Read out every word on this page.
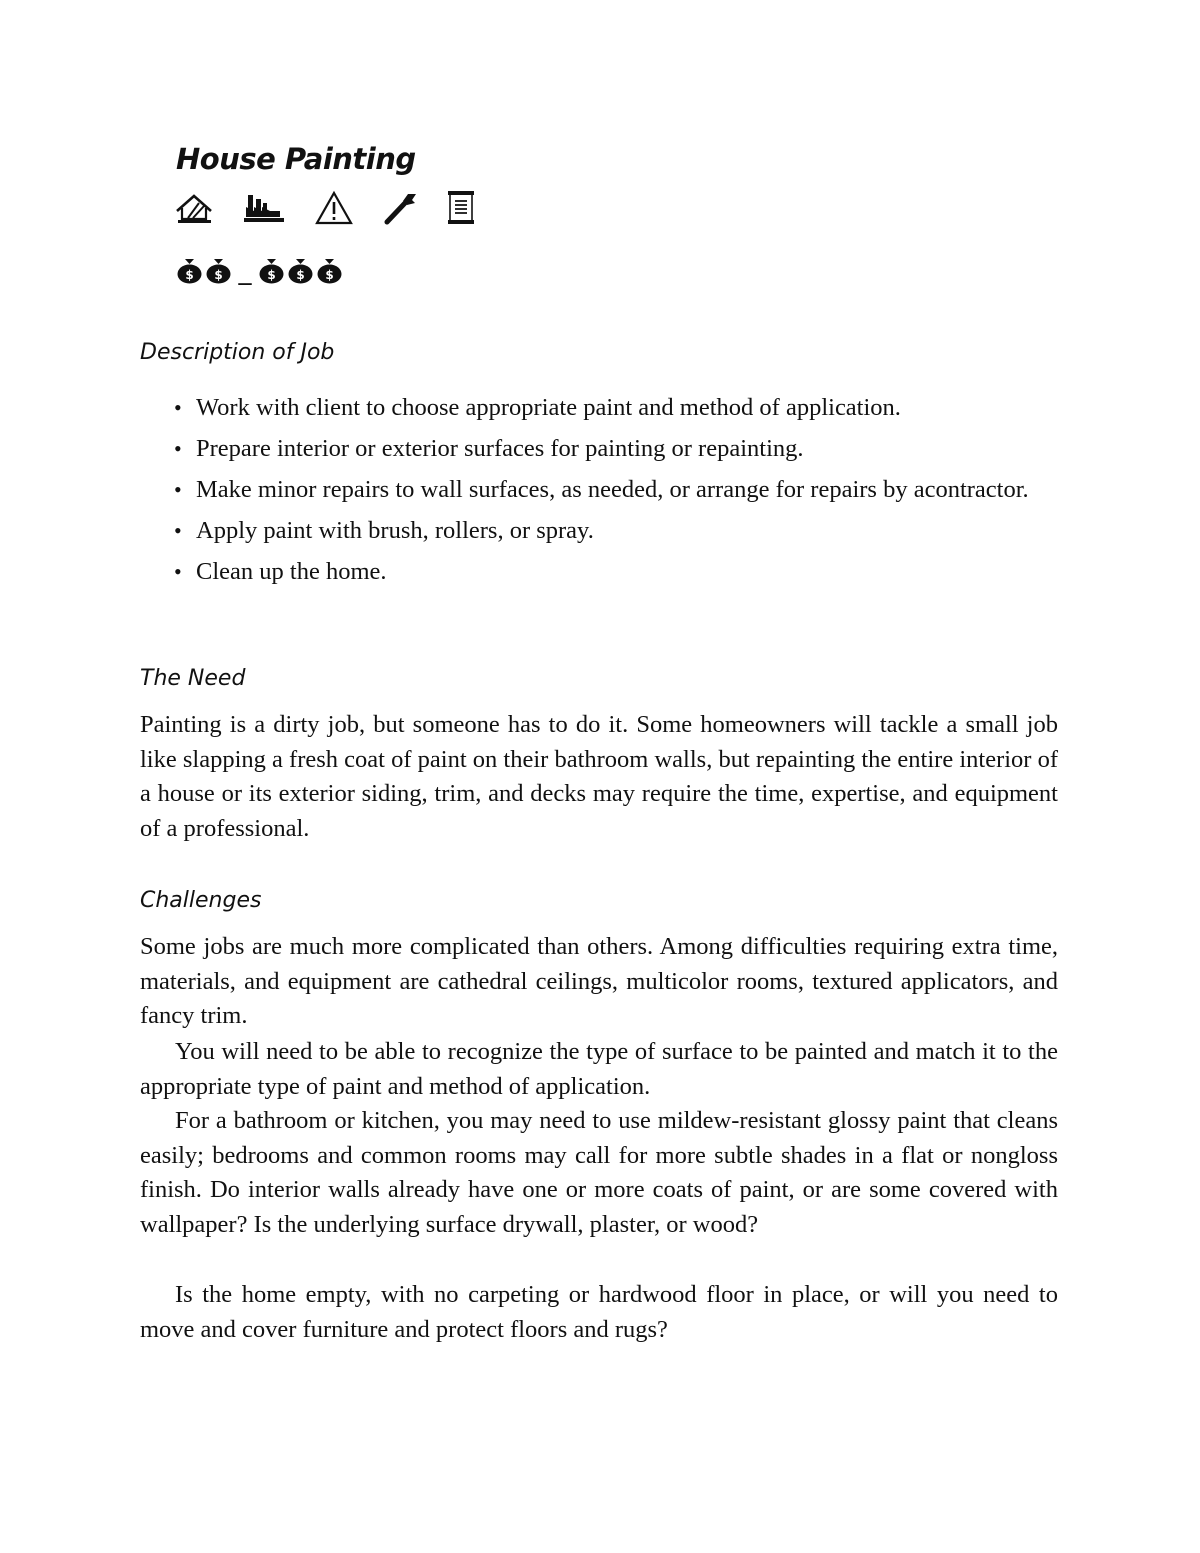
House Painting
$ $ _ $ $ $
Description of Job
• Work with client to choose appropriate paint and method of application.
• Prepare interior or exterior surfaces for painting or repainting.
• Make minor repairs to wall surfaces, as needed, or arrange for repairs by acontractor.
• Apply paint with brush, rollers, or spray.
• Clean up the home.
The Need

Painting is a dirty job, but someone has to do it. Some homeowners will tackle a small job like slapping a fresh coat of paint on their bathroom walls, but repainting the entire interior of a house or its exterior siding, trim, and decks may require the time, expertise, and equipment of a professional.

Challenges

Some jobs are much more complicated than others. Among difficulties requiring extra time, materials, and equipment are cathedral ceilings, multicolor rooms, textured applicators, and fancy trim.

You will need to be able to recognize the type of surface to be painted and match it to the appropriate type of paint and method of application.

For a bathroom or kitchen, you may need to use mildew-resistant glossy paint that cleans easily; bedrooms and common rooms may call for more subtle shades in a flat or nongloss finish. Do interior walls already have one or more coats of paint, or are some covered with wallpaper? Is the underlying surface drywall, plaster, or wood?

Is the home empty, with no carpeting or hardwood floor in place, or will you need to move and cover furniture and protect floors and rugs?
